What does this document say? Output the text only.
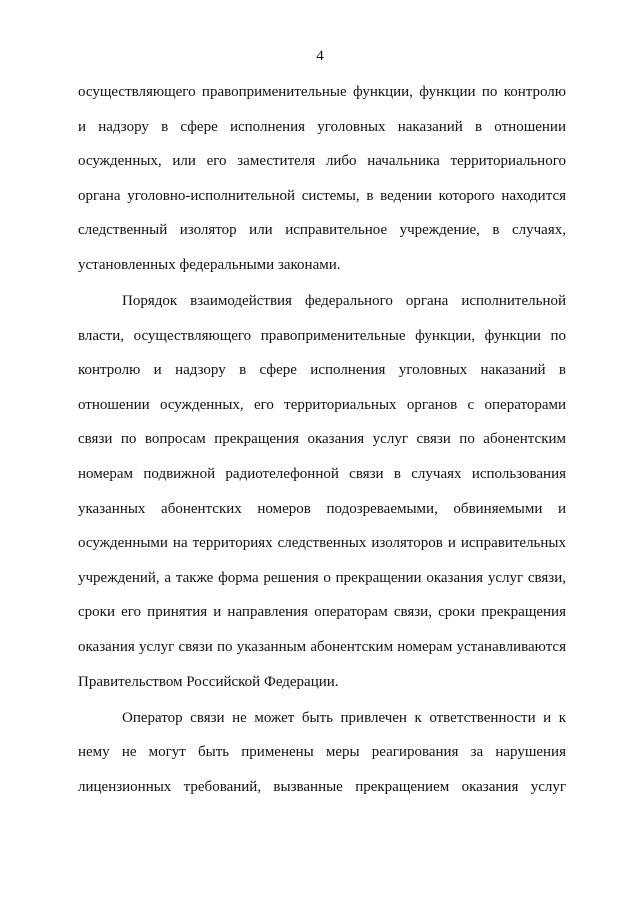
4
осуществляющего правоприменительные функции, функции по контролю
и надзору в сфере исполнения уголовных наказаний в отношении
осужденных, или его заместителя либо начальника территориального
органа уголовно-исполнительной системы, в ведении которого находится
следственный изолятор или исправительное учреждение, в случаях,
установленных федеральными законами.
Порядок взаимодействия федерального органа исполнительной
власти, осуществляющего правоприменительные функции, функции по
контролю и надзору в сфере исполнения уголовных наказаний в
отношении осужденных, его территориальных органов с операторами
связи по вопросам прекращения оказания услуг связи по абонентским
номерам подвижной радиотелефонной связи в случаях использования
указанных абонентских номеров подозреваемыми, обвиняемыми и
осужденными на территориях следственных изоляторов и исправительных
учреждений, а также форма решения о прекращении оказания услуг связи,
сроки его принятия и направления операторам связи, сроки прекращения
оказания услуг связи по указанным абонентским номерам устанавливаются
Правительством Российской Федерации.
Оператор связи не может быть привлечен к ответственности и к
нему не могут быть применены меры реагирования за нарушения
лицензионных требований, вызванные прекращением оказания услуг
